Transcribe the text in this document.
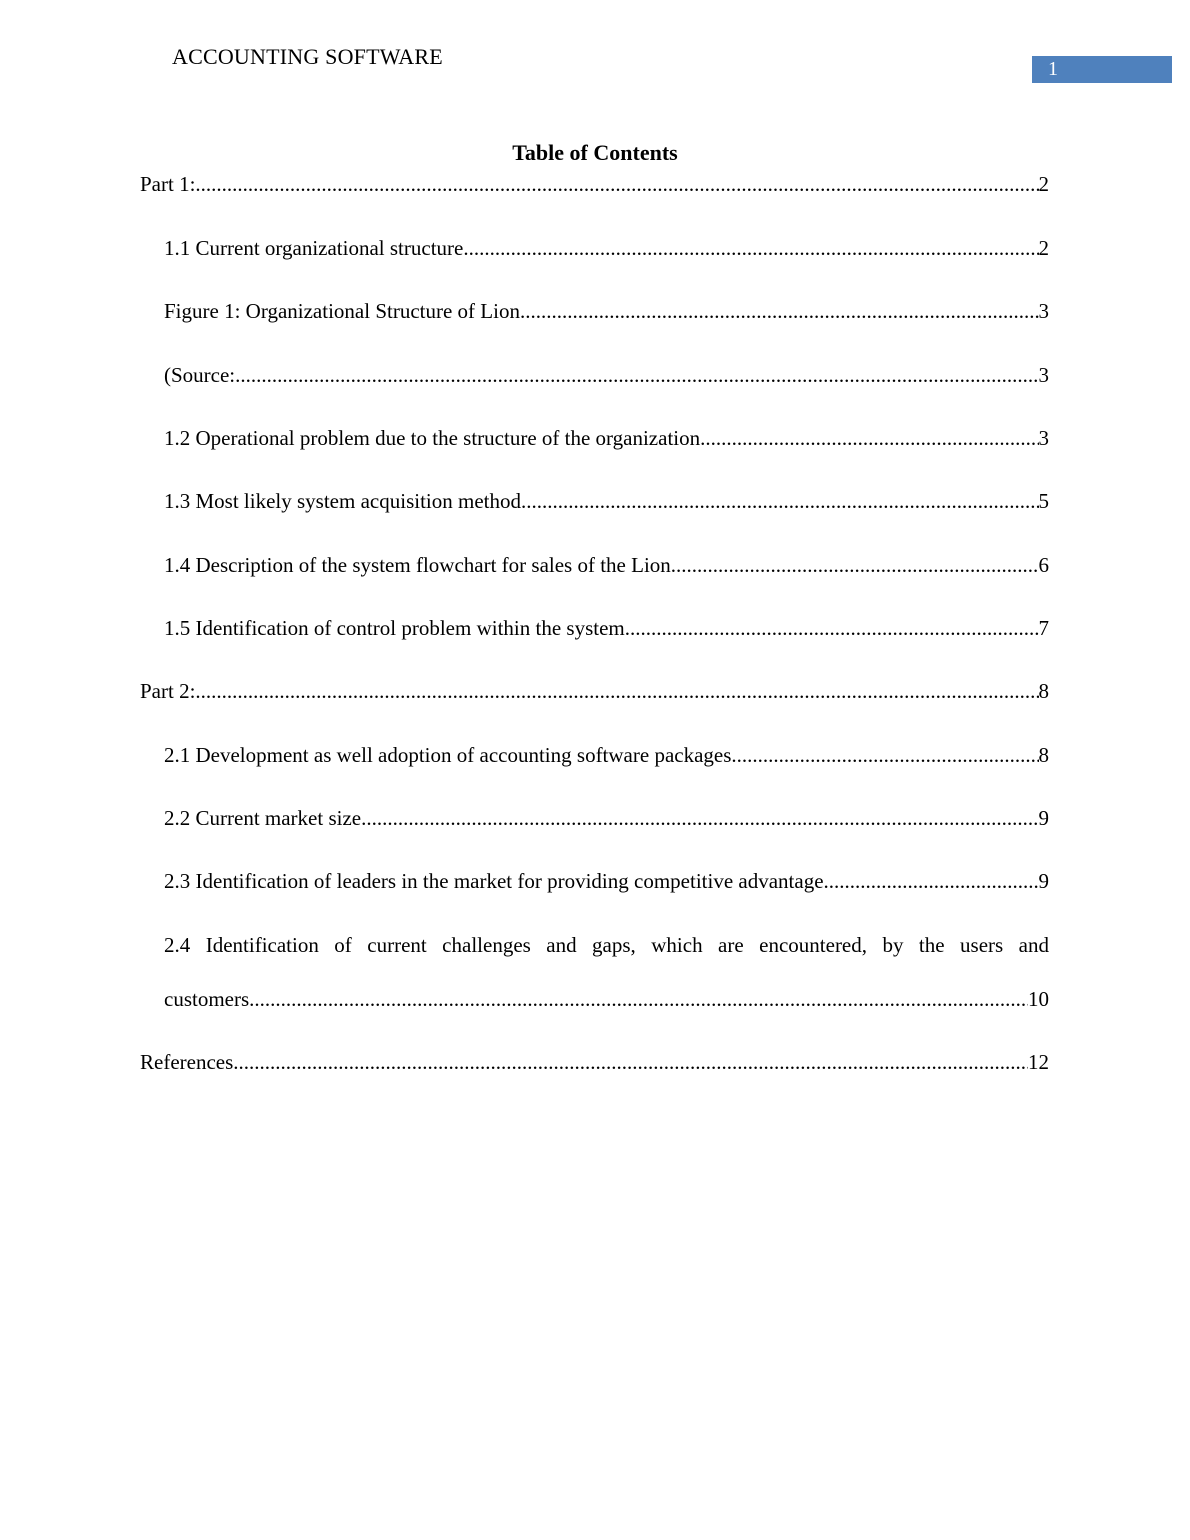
ACCOUNTING SOFTWARE	1
Table of Contents
Part 1: .....	2
1.1 Current organizational structure .....	2
Figure 1: Organizational Structure of Lion .....	3
(Source: .....	3
1.2 Operational problem due to the structure of the organization .....	3
1.3 Most likely system acquisition method .....	5
1.4 Description of the system flowchart for sales of the Lion .....	6
1.5 Identification of control problem within the system .....	7
Part 2: .....	8
2.1 Development as well adoption of accounting software packages .....	8
2.2 Current market size .....	9
2.3 Identification of leaders in the market for providing competitive advantage .....	9
2.4 Identification of current challenges and gaps, which are encountered, by the users and
customers .....	10
References .....	12
